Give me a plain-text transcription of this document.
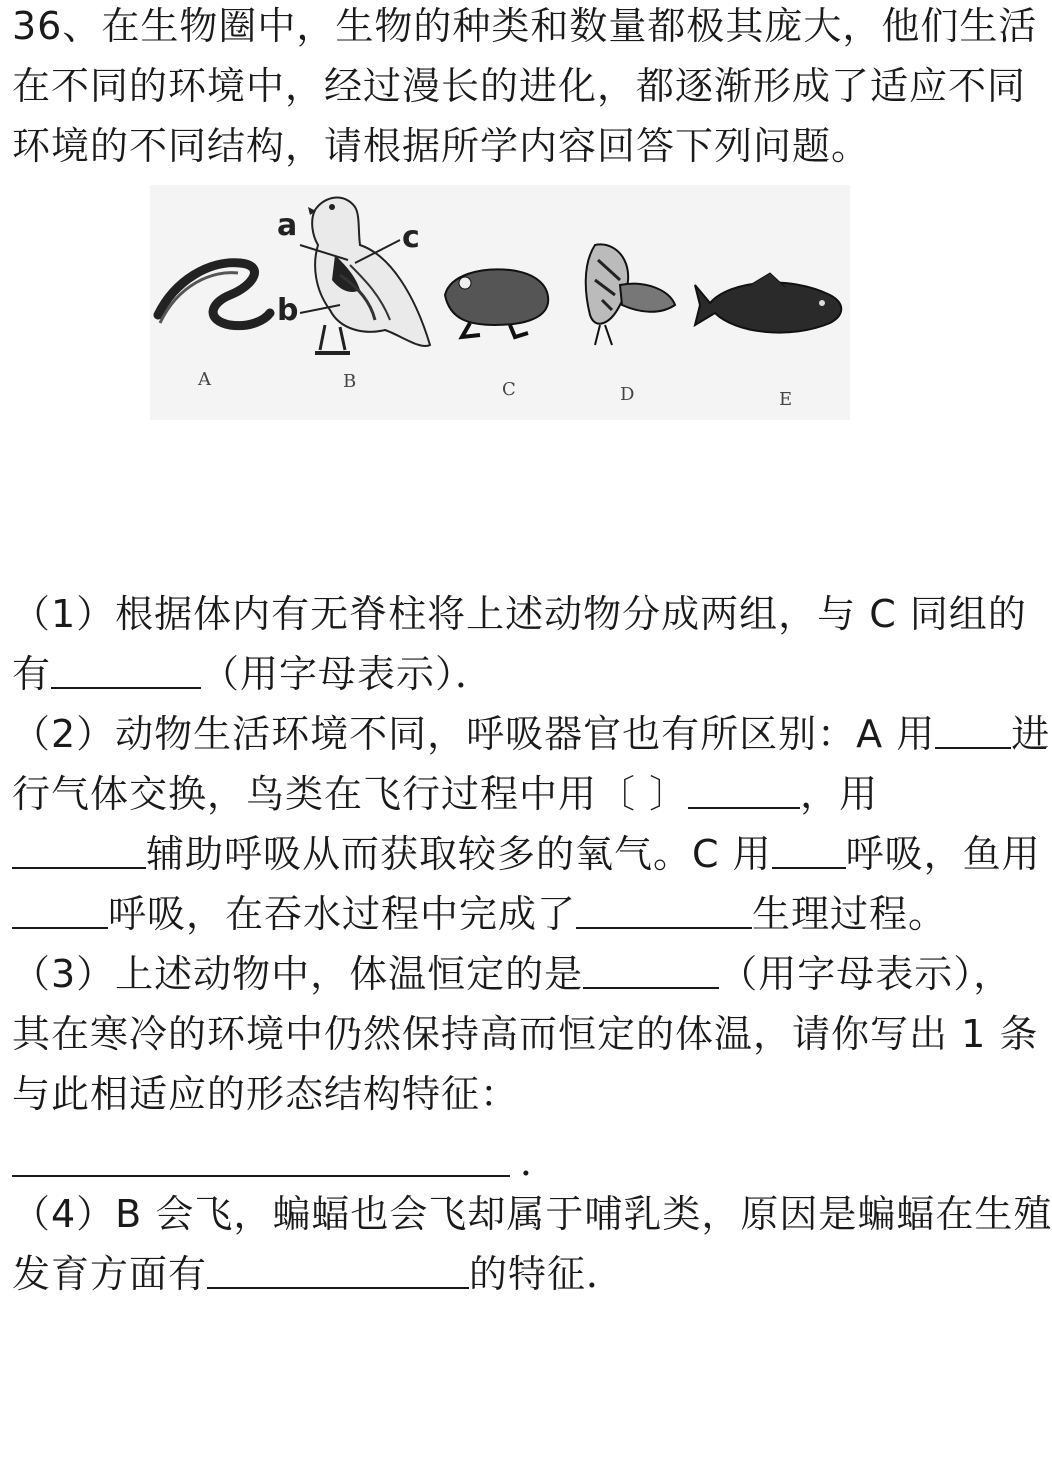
36、在生物圈中，生物的种类和数量都极其庞大，他们生活
在不同的环境中，经过漫长的进化，都逐渐形成了适应不同
环境的不同结构，请根据所学内容回答下列问题。
a
b
c
A	B	C	D	E
（1）根据体内有无脊柱将上述动物分成两组，与 C 同组的
有	（用字母表示）．
（2）动物生活环境不同，呼吸器官也有所区别：A 用 进
行气体交换，鸟类在飞行过程中用〔 〕	，用
辅助呼吸从而获取较多的氧气。C 用 呼吸，鱼用
呼吸，在吞水过程中完成了	生理过程。
（3）上述动物中，体温恒定的是	（用字母表示），
其在寒冷的环境中仍然保持高而恒定的体温，请你写出 1 条
与此相适应的形态结构特征：
．
（4）B 会飞，蝙蝠也会飞却属于哺乳类，原因是蝙蝠在生殖
发育方面有	的特征．
